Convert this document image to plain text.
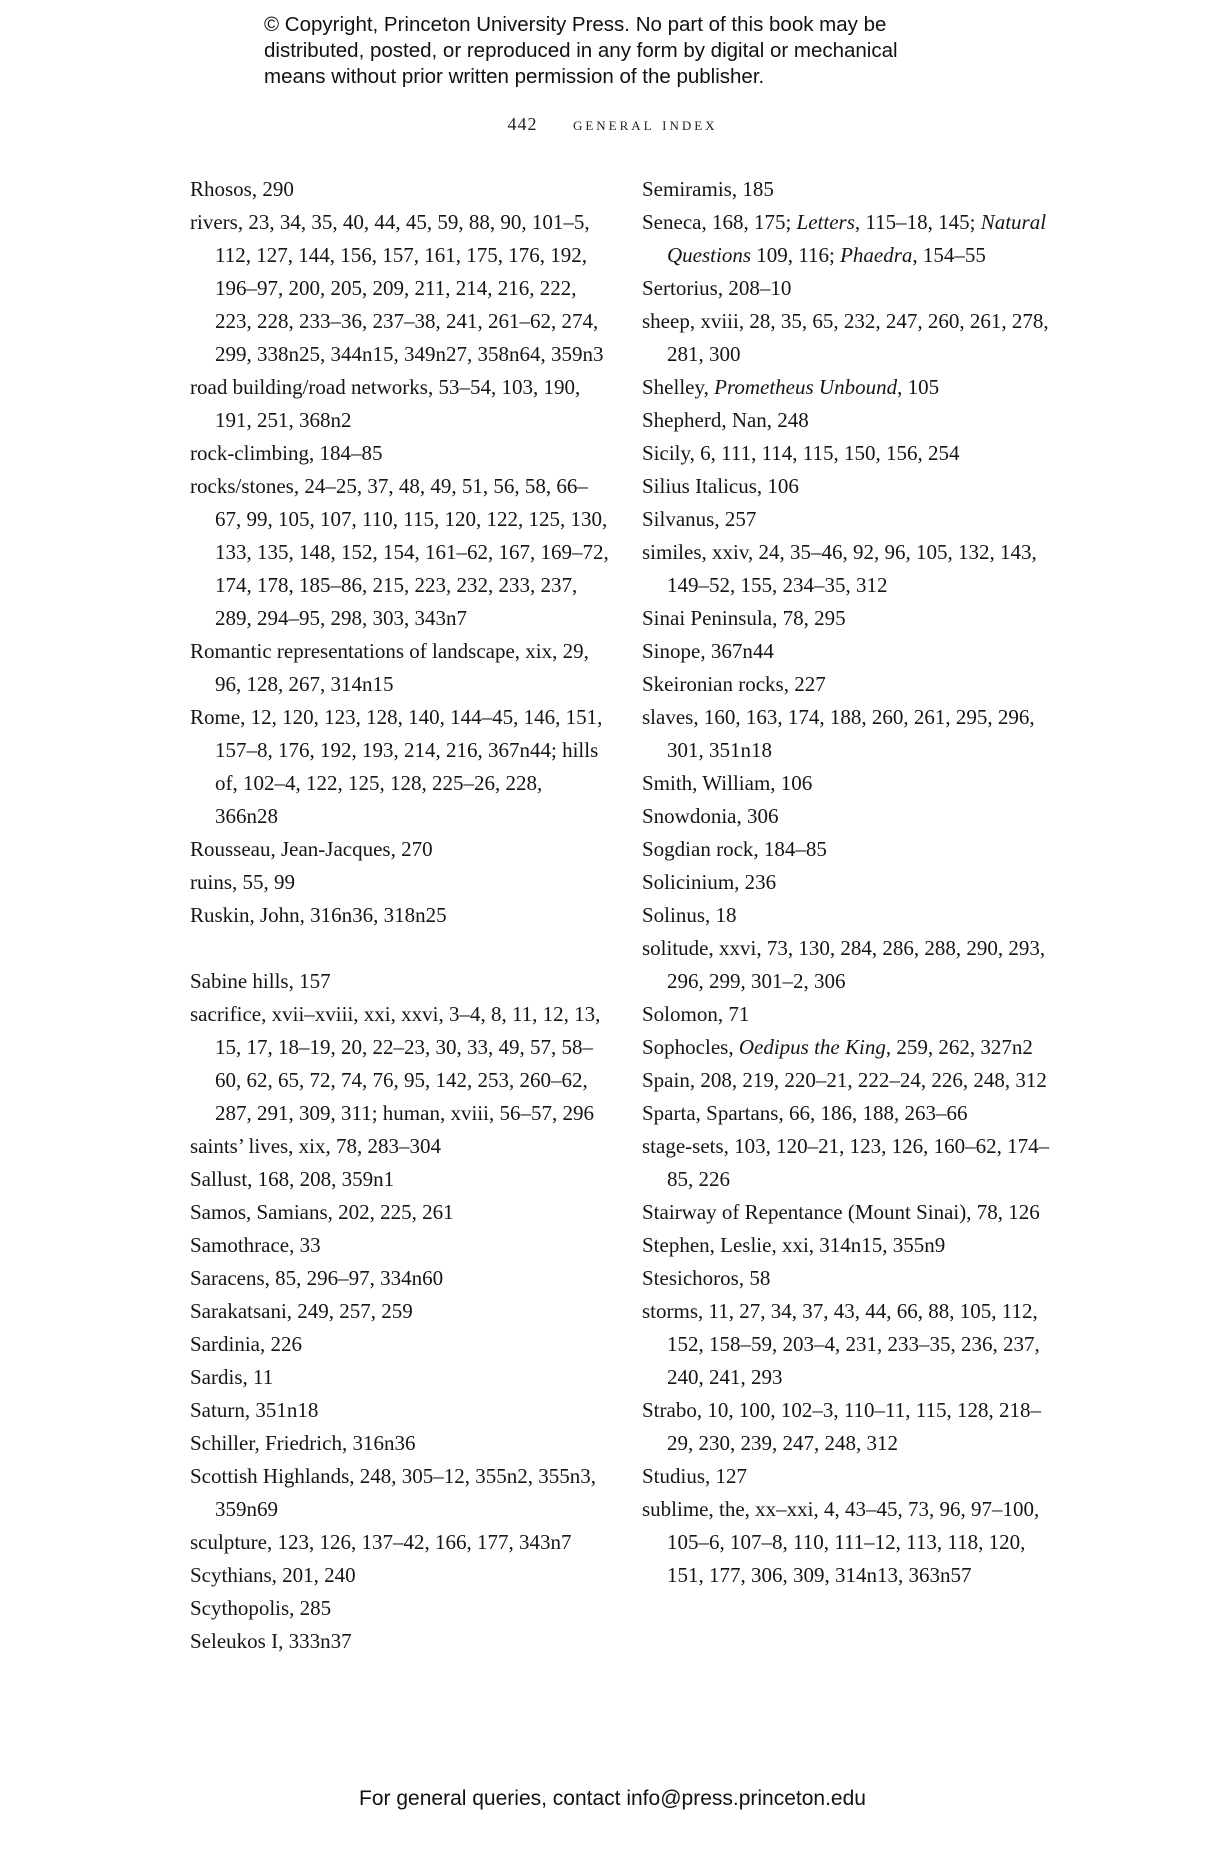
© Copyright, Princeton University Press. No part of this book may be
distributed, posted, or reproduced in any form by digital or mechanical
means without prior written permission of the publisher.
442 general index

Rhosos, 290

rivers, 23, 34, 35, 40, 44, 45, 59, 88, 90, 101–5, 112, 127, 144, 156, 157, 161, 175, 176, 192, 196–97, 200, 205, 209, 211, 214, 216, 222, 223, 228, 233–36, 237–38, 241, 261–62, 274, 299, 338n25, 344n15, 349n27, 358n64, 359n3

road building/road networks, 53–54, 103, 190, 191, 251, 368n2

rock-climbing, 184–85

rocks/stones, 24–25, 37, 48, 49, 51, 56, 58, 66–67, 99, 105, 107, 110, 115, 120, 122, 125, 130, 133, 135, 148, 152, 154, 161–62, 167, 169–72, 174, 178, 185–86, 215, 223, 232, 233, 237, 289, 294–95, 298, 303, 343n7

Romantic representations of landscape, xix, 29, 96, 128, 267, 314n15

Rome, 12, 120, 123, 128, 140, 144–45, 146, 151, 157–8, 176, 192, 193, 214, 216, 367n44; hills of, 102–4, 122, 125, 128, 225–26, 228, 366n28

Rousseau, Jean-Jacques, 270

ruins, 55, 99

Ruskin, John, 316n36, 318n25

Sabine hills, 157

sacrifice, xvii–xviii, xxi, xxvi, 3–4, 8, 11, 12, 13, 15, 17, 18–19, 20, 22–23, 30, 33, 49, 57, 58–60, 62, 65, 72, 74, 76, 95, 142, 253, 260–62, 287, 291, 309, 311; human, xviii, 56–57, 296

saints’ lives, xix, 78, 283–304

Sallust, 168, 208, 359n1

Samos, Samians, 202, 225, 261

Samothrace, 33

Saracens, 85, 296–97, 334n60

Sarakatsani, 249, 257, 259

Sardinia, 226

Sardis, 11

Saturn, 351n18

Schiller, Friedrich, 316n36

Scottish Highlands, 248, 305–12, 355n2, 355n3, 359n69

sculpture, 123, 126, 137–42, 166, 177, 343n7

Scythians, 201, 240

Scythopolis, 285

Seleukos I, 333n37

Semiramis, 185

Seneca, 168, 175; Letters, 115–18, 145; Natural Questions 109, 116; Phaedra, 154–55

Sertorius, 208–10

sheep, xviii, 28, 35, 65, 232, 247, 260, 261, 278, 281, 300

Shelley, Prometheus Unbound, 105

Shepherd, Nan, 248

Sicily, 6, 111, 114, 115, 150, 156, 254

Silius Italicus, 106

Silvanus, 257

similes, xxiv, 24, 35–46, 92, 96, 105, 132, 143, 149–52, 155, 234–35, 312

Sinai Peninsula, 78, 295

Sinope, 367n44

Skeironian rocks, 227

slaves, 160, 163, 174, 188, 260, 261, 295, 296, 301, 351n18

Smith, William, 106

Snowdonia, 306

Sogdian rock, 184–85

Solicinium, 236

Solinus, 18

solitude, xxvi, 73, 130, 284, 286, 288, 290, 293, 296, 299, 301–2, 306

Solomon, 71

Sophocles, Oedipus the King, 259, 262, 327n2

Spain, 208, 219, 220–21, 222–24, 226, 248, 312

Sparta, Spartans, 66, 186, 188, 263–66

stage-sets, 103, 120–21, 123, 126, 160–62, 174–85, 226

Stairway of Repentance (Mount Sinai), 78, 126

Stephen, Leslie, xxi, 314n15, 355n9

Stesichoros, 58

storms, 11, 27, 34, 37, 43, 44, 66, 88, 105, 112, 152, 158–59, 203–4, 231, 233–35, 236, 237, 240, 241, 293

Strabo, 10, 100, 102–3, 110–11, 115, 128, 218–29, 230, 239, 247, 248, 312

Studius, 127

sublime, the, xx–xxi, 4, 43–45, 73, 96, 97–100, 105–6, 107–8, 110, 111–12, 113, 118, 120, 151, 177, 306, 309, 314n13, 363n57

For general queries, contact info@press.princeton.edu
